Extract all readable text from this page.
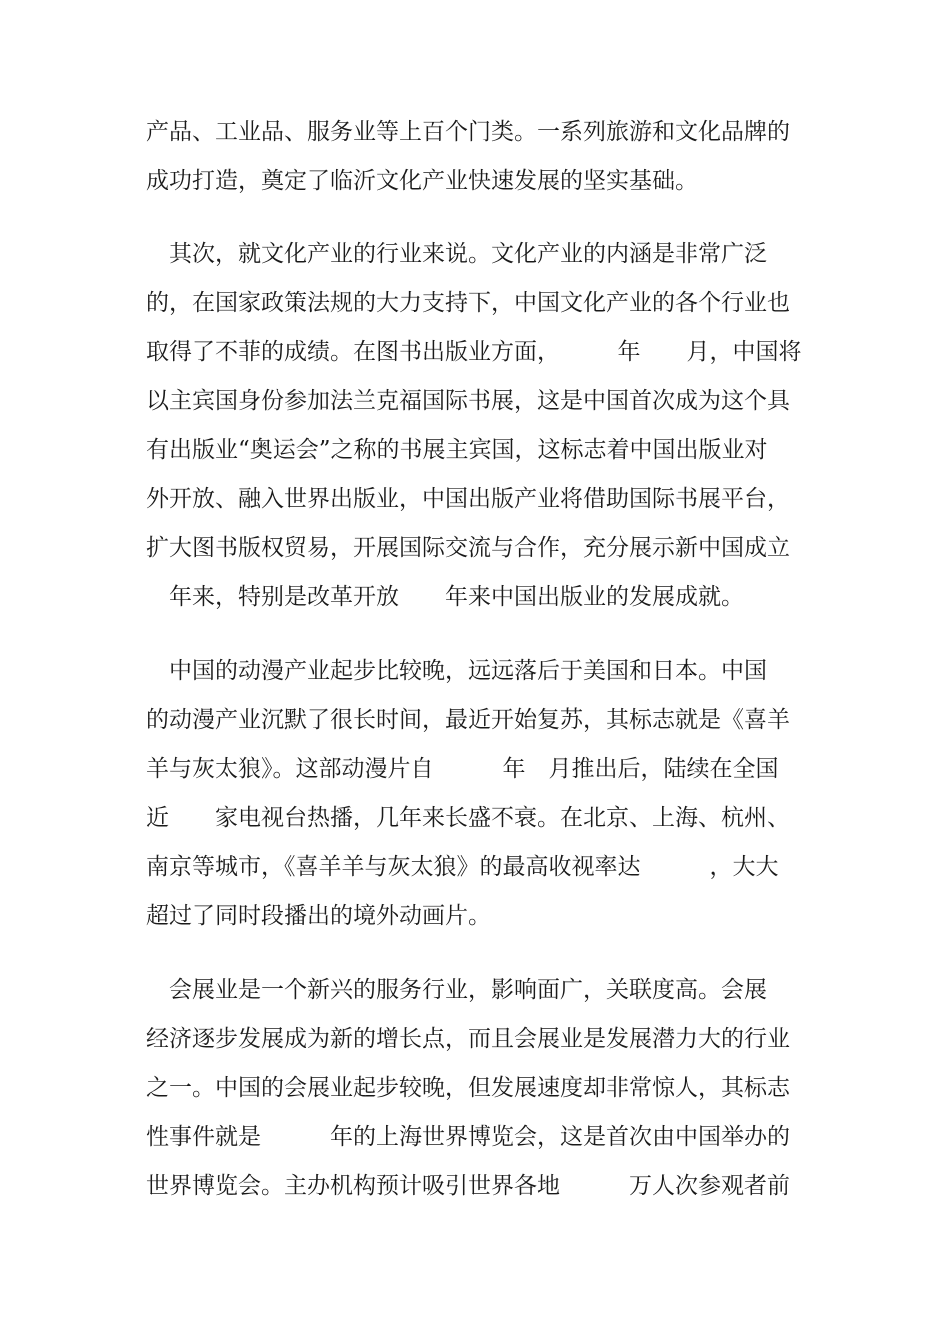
产品、工业品、服务业等上百个门类。一系列旅游和文化品牌的
成功打造，奠定了临沂文化产业快速发展的坚实基础。
　其次，就文化产业的行业来说。文化产业的内涵是非常广泛
的，在国家政策法规的大力支持下，中国文化产业的各个行业也
取得了不菲的成绩。在图书出版业方面，　　　年　　月，中国将
以主宾国身份参加法兰克福国际书展，这是中国首次成为这个具
有出版业“奥运会”之称的书展主宾国，这标志着中国出版业对
外开放、融入世界出版业，中国出版产业将借助国际书展平台，
扩大图书版权贸易，开展国际交流与合作，充分展示新中国成立
　年来，特别是改革开放　　年来中国出版业的发展成就。
　中国的动漫产业起步比较晚，远远落后于美国和日本。中国
的动漫产业沉默了很长时间，最近开始复苏，其标志就是《喜羊
羊与灰太狼》。这部动漫片自　　　年　月推出后，陆续在全国
近　　家电视台热播，几年来长盛不衰。在北京、上海、杭州、
南京等城市，《喜羊羊与灰太狼》的最高收视率达　　　，大大
超过了同时段播出的境外动画片。
　会展业是一个新兴的服务行业，影响面广，关联度高。会展
经济逐步发展成为新的增长点，而且会展业是发展潜力大的行业
之一。中国的会展业起步较晚，但发展速度却非常惊人，其标志
性事件就是　　　年的上海世界博览会，这是首次由中国举办的
世界博览会。主办机构预计吸引世界各地　　　万人次参观者前
